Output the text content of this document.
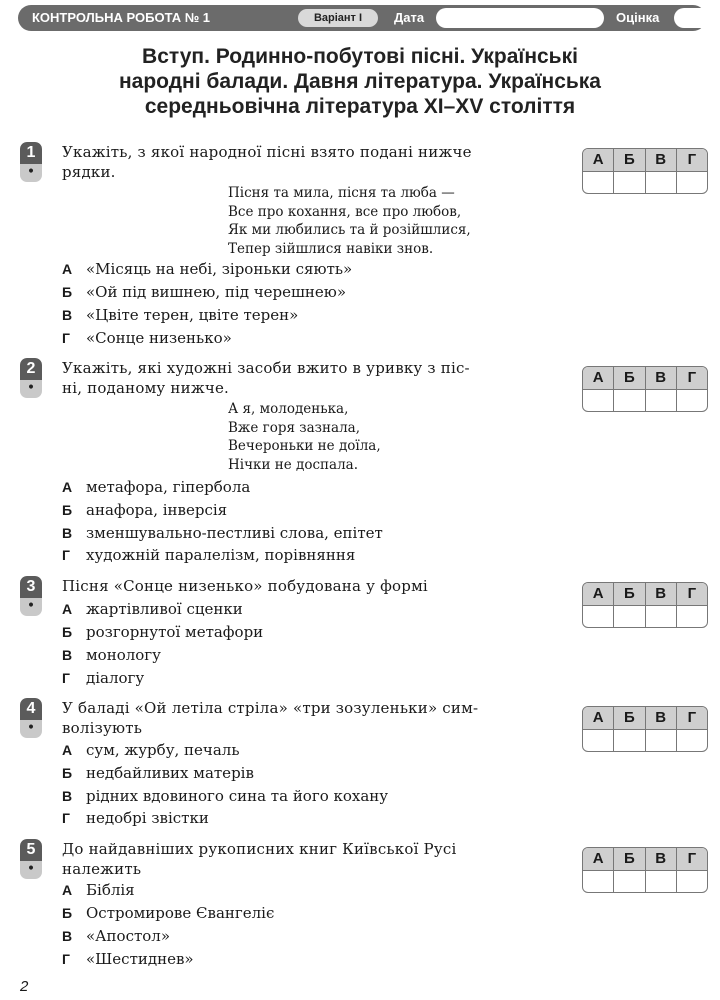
КОНТРОЛЬНА РОБОТА № 1	Варіант І	Дата	Оцінка
Вступ. Родинно-побутові пісні. Українські
народні балади. Давня література. Українська
середньовічна література XI–XV століття
1
•
Укажіть, з якої народної пісні взято подані нижче
рядки.
Пісня та мила, пісня та люба —
Все про кохання, все про любов,
Як ми любились та й розійшлися,
Тепер зійшлися навіки знов.
А «Місяць на небі, зіроньки сяють»
Б «Ой під вишнею, під черешнею»
В «Цвіте терен, цвіте терен»
Г «Сонце низенько»
А	Б	В	Г
2
•
Укажіть, які художні засоби вжито в уривку з піс-
ні, поданому нижче.
А я, молоденька,
Вже горя зазнала,
Вечероньки не доїла,
Нічки не доспала.
А метафора, гіпербола
Б анафора, інверсія
В зменшувально-пестливі слова, епітет
Г художній паралелізм, порівняння
А	Б	В	Г
3
•
Пісня «Сонце низенько» побудована у формі
А жартівливої сценки
Б розгорнутої метафори
В монологу
Г діалогу
А	Б	В	Г
4
•
У баладі «Ой летіла стріла» «три зозуленьки» сим-
волізують
А сум, журбу, печаль
Б недбайливих матерів
В рідних вдовиного сина та його кохану
Г недобрі звістки
А	Б	В	Г
5
•
До найдавніших рукописних книг Київської Русі
належить
А Біблія
Б Остромирове Євангеліє
В «Апостол»
Г «Шестиднев»
А	Б	В	Г
2
